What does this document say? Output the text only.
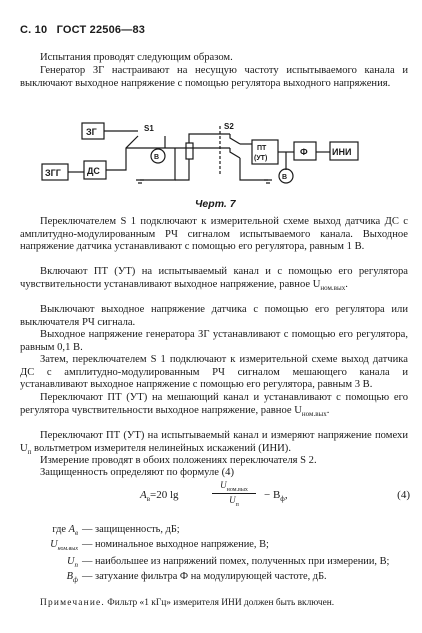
С. 10 ГОСТ 22506—83
Испытания проводят следующим образом.
Генератор ЗГ настраивают на несущую частоту испытываемого канала и выключают выходное напряжение с помощью регулятора выходного напряжения.
ЗГ
ЗГГ	ДС
ПТ
(УТ)
Ф	ИНИ
S1	S2
В
В
Черт. 7
Переключателем S 1 подключают к измерительной схеме выход датчика ДС с амплитудно-модулированным РЧ сигналом испытываемого канала. Выходное напряжение датчика устанавливают с помощью его регулятора, равным 1 В.
Включают ПТ (УТ) на испытываемый канал и с помощью его регулятора чувствительности устанавливают выходное напряжение, равное $U_{ном.вых}$.
Выключают выходное напряжение датчика с помощью его регулятора или выключателя РЧ сигнала.
Выходное напряжение генератора ЗГ устанавливают с помощью его регулятора, равным 0,1 В.
Затем, переключателем S 1 подключают к измерительной схеме выход датчика ДС с амплитудно-модулированным РЧ сигналом мешающего канала и устанавливают выходное напряжение с помощью его регулятора, равным 3 В.
Переключают ПТ (УТ) на мешающий канал и устанавливают с помощью его регулятора чувствительности выходное напряжение, равное $U_{ном.вых}$.
Переключают ПТ (УТ) на испытываемый канал и измеряют напряжение помехи $U_п$ вольтметром измерителя нелинейных искажений (ИНИ).
Измерение проводят в обоих положениях переключателя S 2.
Защищенность определяют по формуле (4)
$A_в=20$ lg
$U_{ном.вых}$
$U_п$
− $B_ф$,	(4)
где $A_в$ — защищенность, дБ;
$U_{ном.вых}$ — номинальное выходное напряжение, В;
$U_п$ — наибольшее из напряжений помех, полученных при измерении, В;
$B_ф$ — затухание фильтра Ф на модулирующей частоте, дБ.
Примечание. Фильтр «1 кГц» измерителя ИНИ должен быть включен.
